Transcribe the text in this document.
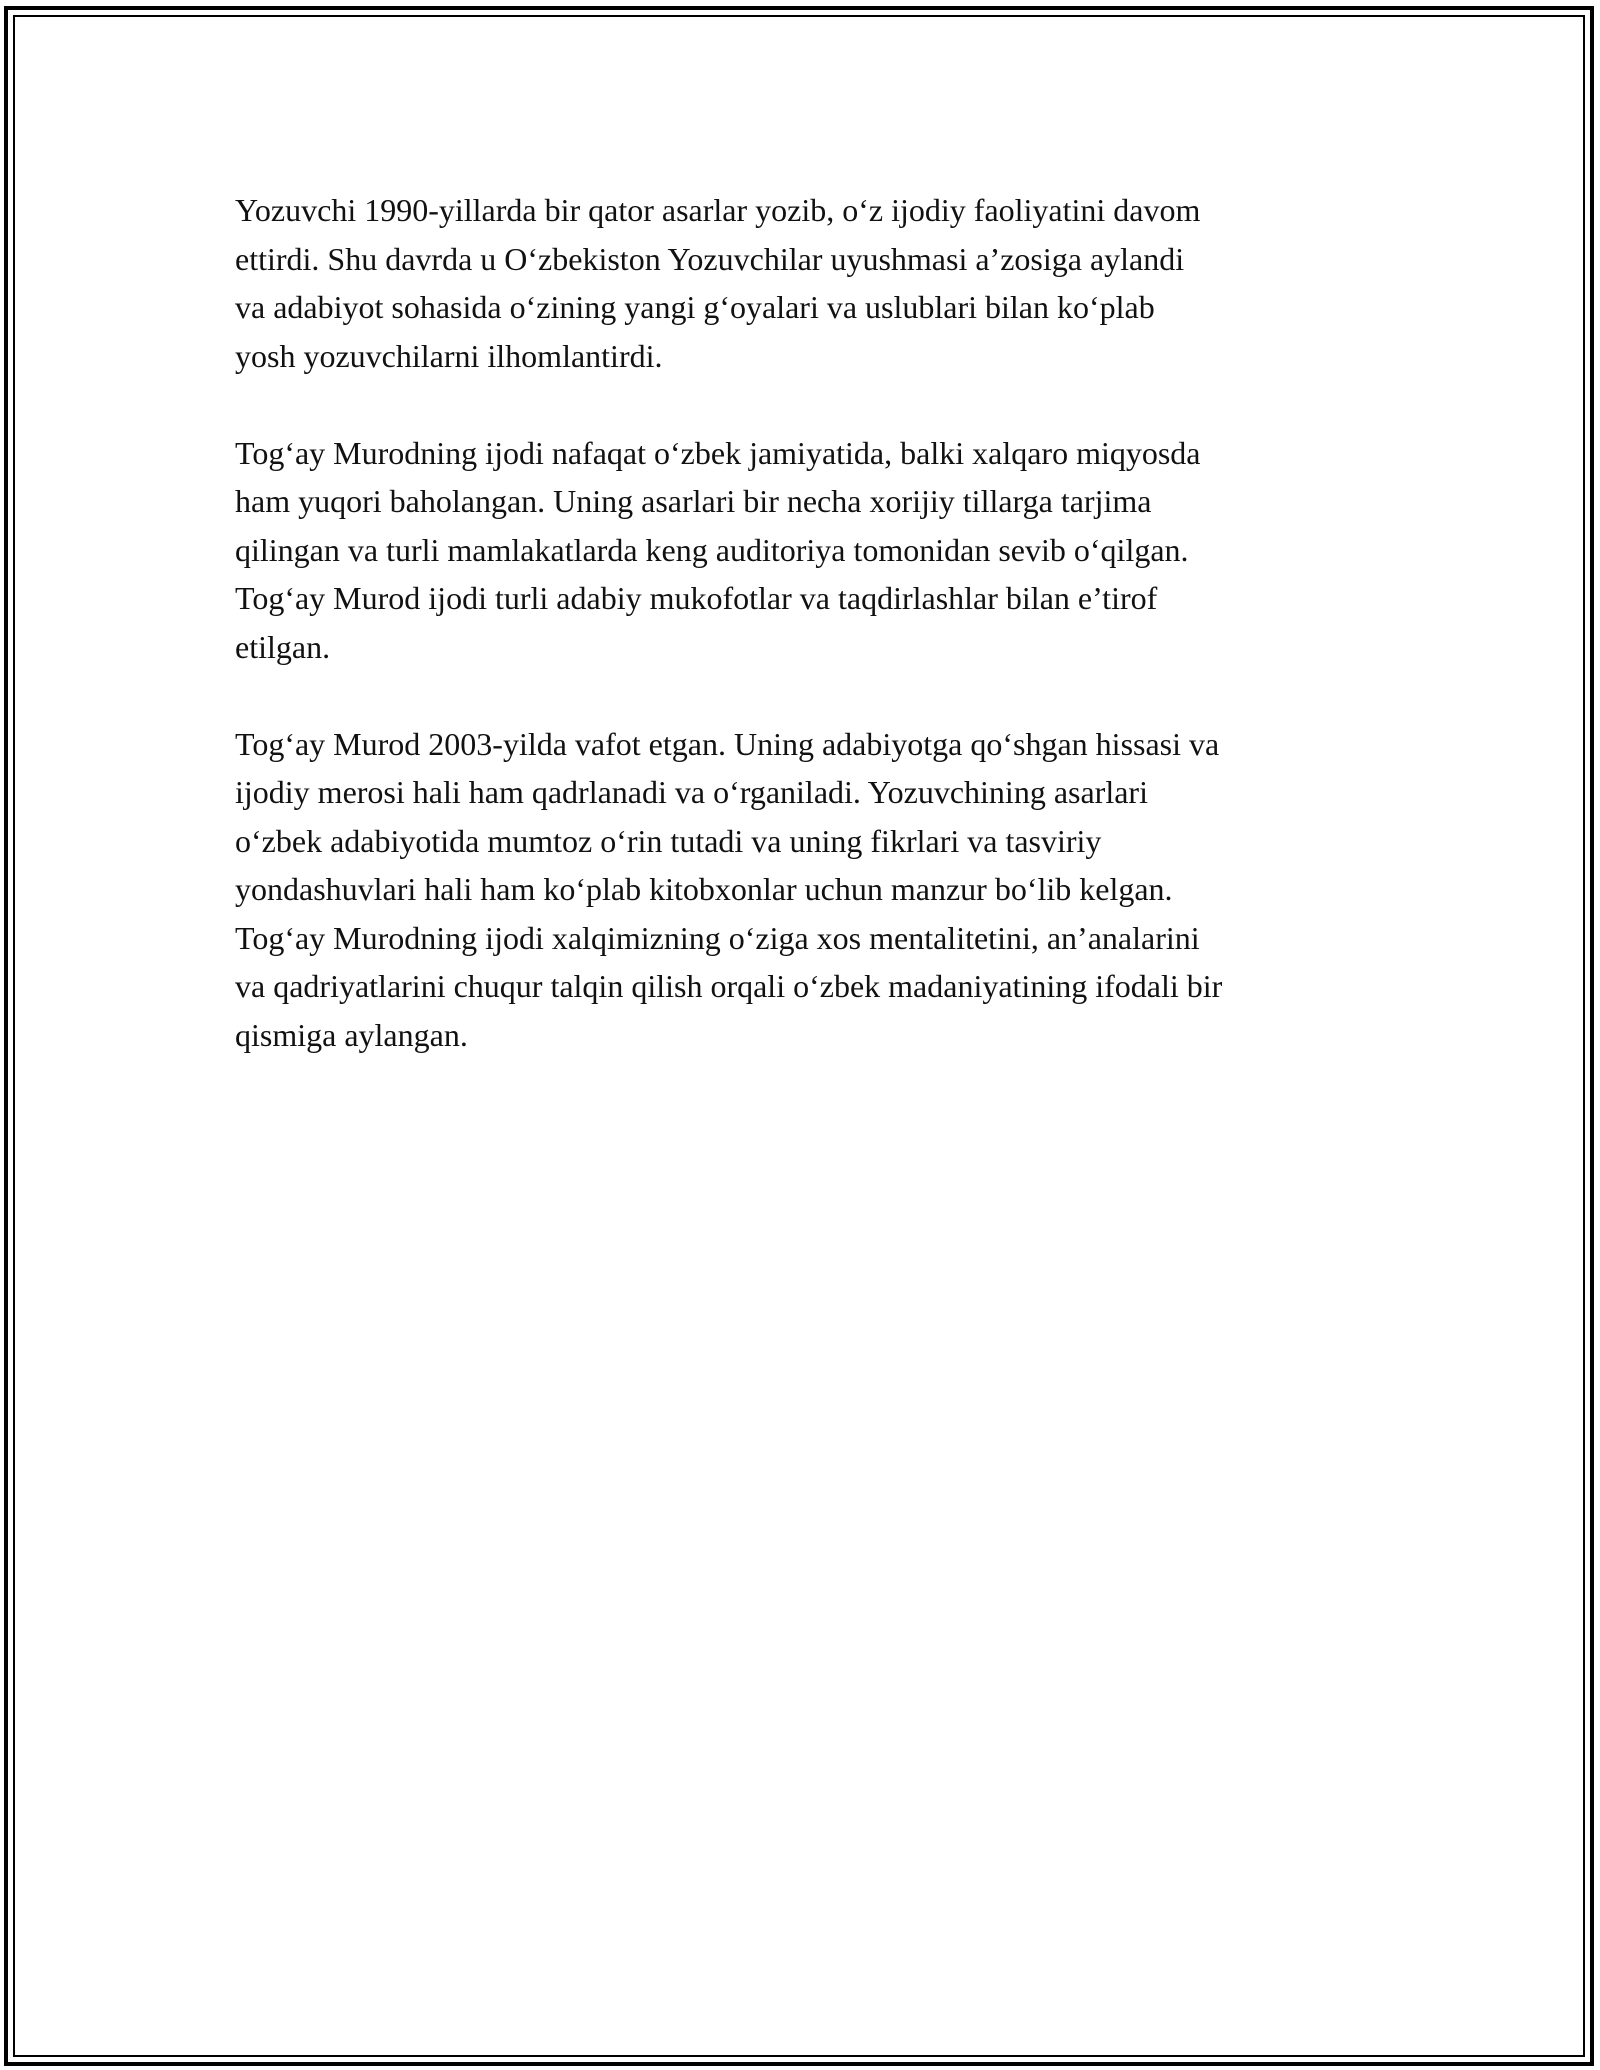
Yozuvchi 1990-yillarda bir qator asarlar yozib, o‘z ijodiy faoliyatini davom
ettirdi. Shu davrda u O‘zbekiston Yozuvchilar uyushmasi a’zosiga aylandi
va adabiyot sohasida o‘zining yangi g‘oyalari va uslublari bilan ko‘plab
yosh yozuvchilarni ilhomlantirdi.

Tog‘ay Murodning ijodi nafaqat o‘zbek jamiyatida, balki xalqaro miqyosda
ham yuqori baholangan. Uning asarlari bir necha xorijiy tillarga tarjima
qilingan va turli mamlakatlarda keng auditoriya tomonidan sevib o‘qilgan.
Tog‘ay Murod ijodi turli adabiy mukofotlar va taqdirlashlar bilan e’tirof
etilgan.

Tog‘ay Murod 2003-yilda vafot etgan. Uning adabiyotga qo‘shgan hissasi va
ijodiy merosi hali ham qadrlanadi va o‘rganiladi. Yozuvchining asarlari
o‘zbek adabiyotida mumtoz o‘rin tutadi va uning fikrlari va tasviriy
yondashuvlari hali ham ko‘plab kitobxonlar uchun manzur bo‘lib kelgan.
Tog‘ay Murodning ijodi xalqimizning o‘ziga xos mentalitetini, an’analarini
va qadriyatlarini chuqur talqin qilish orqali o‘zbek madaniyatining ifodali bir
qismiga aylangan.
